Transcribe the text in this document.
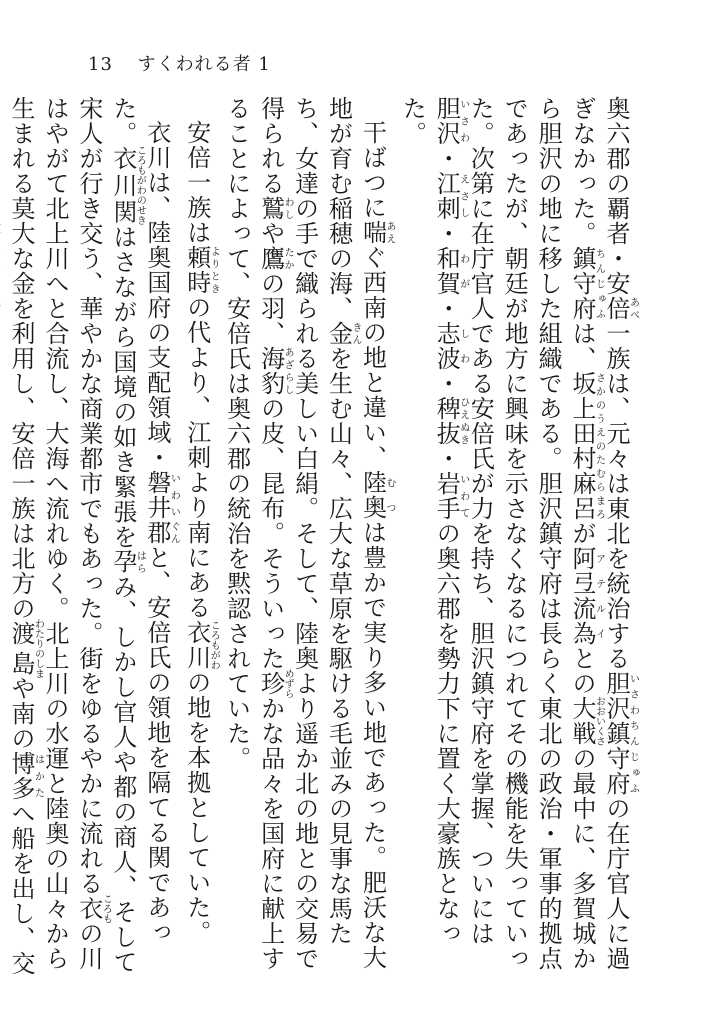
13 すくわれる者 1

奥六郡の覇者・安倍あべ一族は、元々は東北を統治する胆沢鎮守府いさわちんじゅふの在庁官人に過ぎなかった。鎮守府ちんじゅふは、坂上田村麻呂さかのうえのたむらまろが阿弖流為アテルイとの大戦おおいくさの最中に、多賀城から胆沢の地に移した組織である。胆沢鎮守府は長らく東北の政治・軍事的拠点であったが、朝廷が地方に興味を示さなくなるにつれてその機能を失っていった。次第に在庁官人である安倍氏が力を持ち、胆沢鎮守府を掌握、ついには胆沢いさわ・江刺えさし・和賀わが・志波しわ・稗抜ひえぬき・岩手いわての奥六郡を勢力下に置く大豪族となった。

干ばつに喘あえぐ西南の地と違い、陸奥むつは豊かで実り多い地であった。肥沃な大地が育む稲穂の海、金きんを生む山々、広大な草原を駆ける毛並みの見事な馬たち、女達の手で織られる美しい白絹。そして、陸奥より遥か北の地との交易で得られる鷲わしや鷹たかの羽、海豹あざらしの皮、昆布。そういった珍めずらかな品々を国府に献上することによって、安倍氏は奥六郡の統治を黙認されていた。

安倍一族は頼時よりときの代より、江刺より南にある衣川ころもがわの地を本拠としていた。

衣川は、陸奥国府の支配領域・磐井いわい郡ぐんと、安倍氏の領地を隔てる関であった。衣川関ころもがわのせきはさながら国境の如き緊張を孕はらみ、しかし官人や都の商人、そして宋人が行き交う、華やかな商業都市でもあった。街をゆるやかに流れる衣ころもの川はやがて北上川へと合流し、大海へ流れゆく。北上川の水運と陸奥の山々から生まれる莫大な金を利用し、安倍一族は北方の渡島わたりのしまや南の博多はかたへ船を出し、交
